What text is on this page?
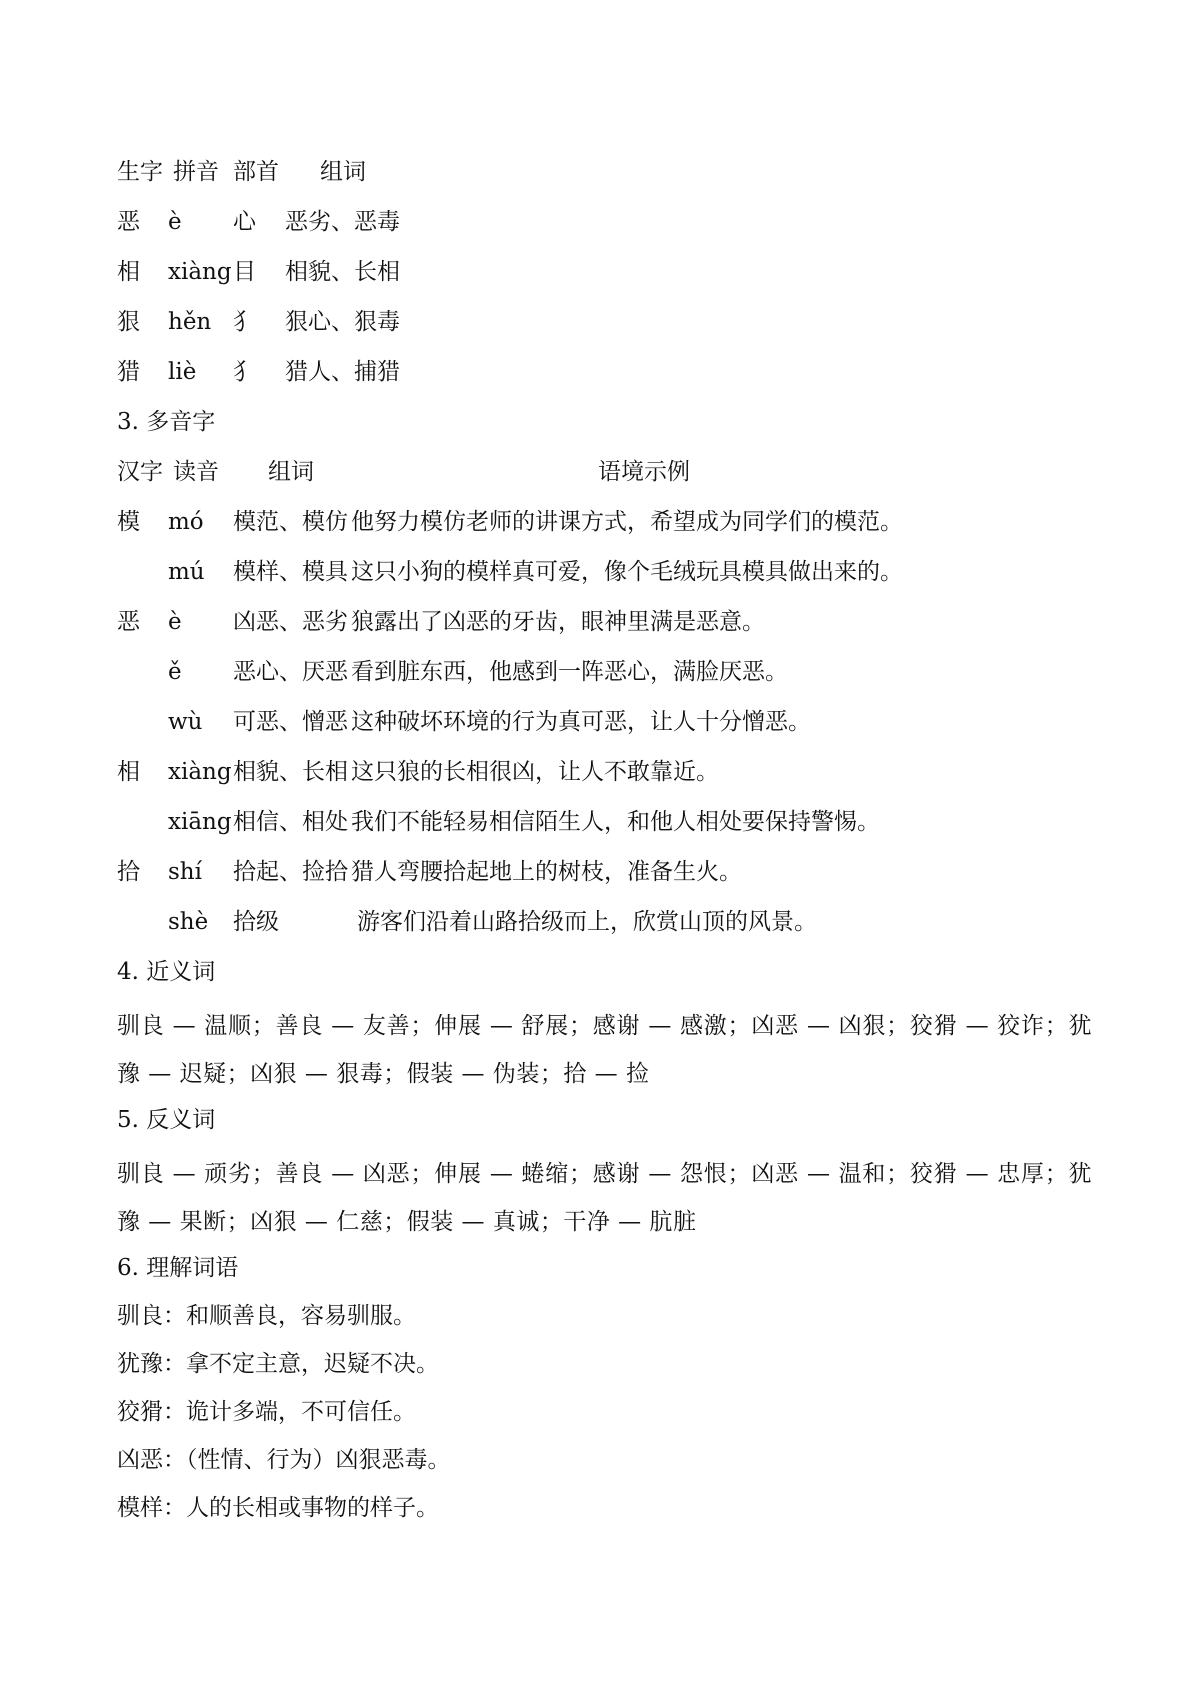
生字 拼音 部首 组词
恶 è 心 恶劣、恶毒
相 xiàng 目 相貌、长相
狠 hěn 犭 狠心、狠毒
猎 liè 犭 猎人、捕猎
3. 多音字
汉字 读音 组词	语境示例
模 mó 模范、模仿 他努力模仿老师的讲课方式，希望成为同学们的模范。
mú 模样、模具 这只小狗的模样真可爱，像个毛绒玩具模具做出来的。
恶 è 凶恶、恶劣 狼露出了凶恶的牙齿，眼神里满是恶意。
ě 恶心、厌恶 看到脏东西，他感到一阵恶心，满脸厌恶。
wù 可恶、憎恶 这种破坏环境的行为真可恶，让人十分憎恶。
相 xiàng 相貌、长相 这只狼的长相很凶，让人不敢靠近。
xiāng 相信、相处 我们不能轻易相信陌生人，和他人相处要保持警惕。
拾 shí 拾起、捡拾 猎人弯腰拾起地上的树枝，准备生火。
shè 拾级	游客们沿着山路拾级而上，欣赏山顶的风景。
4. 近义词
驯良 — 温顺；善良 — 友善；伸展 — 舒展；感谢 — 感激；凶恶 — 凶狠；狡猾 — 狡诈；犹豫 — 迟疑；凶狠 — 狠毒；假装 — 伪装；拾 — 捡
5. 反义词
驯良 — 顽劣；善良 — 凶恶；伸展 — 蜷缩；感谢 — 怨恨；凶恶 — 温和；狡猾 — 忠厚；犹豫 — 果断；凶狠 — 仁慈；假装 — 真诚；干净 — 肮脏
6. 理解词语
驯良：和顺善良，容易驯服。
犹豫：拿不定主意，迟疑不决。
狡猾：诡计多端，不可信任。
凶恶：（性情、行为）凶狠恶毒。
模样：人的长相或事物的样子。
